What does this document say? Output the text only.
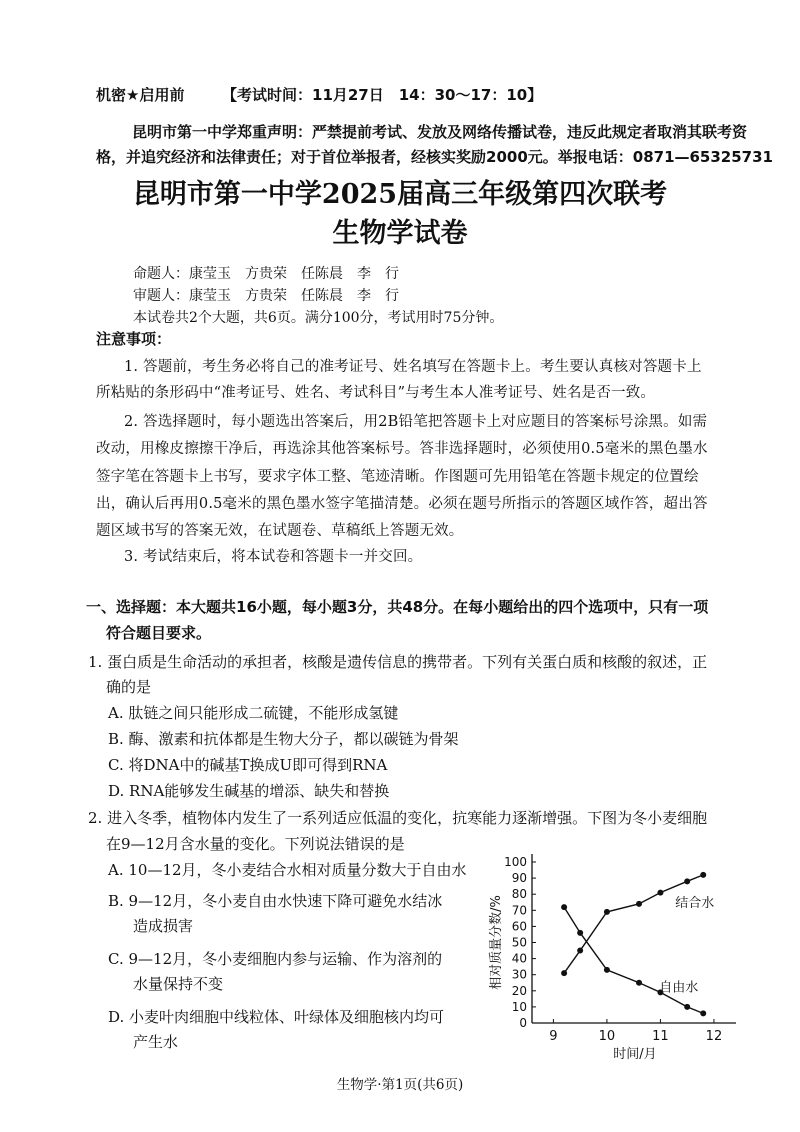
机密★启用前	【考试时间：11月27日　14：30～17：10】
昆明市第一中学郑重声明：严禁提前考试、发放及网络传播试卷，违反此规定者取消其联考资
格，并追究经济和法律责任；对于首位举报者，经核实奖励2000元。举报电话：0871—65325731
昆明市第一中学2025届高三年级第四次联考
生物学试卷
命题人：康莹玉　方贵荣　任陈晨　李　行
审题人：康莹玉　方贵荣　任陈晨　李　行
本试卷共2个大题，共6页。满分100分，考试用时75分钟。
注意事项：
1. 答题前，考生务必将自己的准考证号、姓名填写在答题卡上。考生要认真核对答题卡上
所粘贴的条形码中“准考证号、姓名、考试科目”与考生本人准考证号、姓名是否一致。
2. 答选择题时，每小题选出答案后，用2B铅笔把答题卡上对应题目的答案标号涂黑。如需
改动，用橡皮擦擦干净后，再选涂其他答案标号。答非选择题时，必须使用0.5毫米的黑色墨水
签字笔在答题卡上书写，要求字体工整、笔迹清晰。作图题可先用铅笔在答题卡规定的位置绘
出，确认后再用0.5毫米的黑色墨水签字笔描清楚。必须在题号所指示的答题区域作答，超出答
题区域书写的答案无效，在试题卷、草稿纸上答题无效。
3. 考试结束后，将本试卷和答题卡一并交回。
一、选择题：本大题共16小题，每小题3分，共48分。在每小题给出的四个选项中，只有一项
符合题目要求。
1. 蛋白质是生命活动的承担者，核酸是遗传信息的携带者。下列有关蛋白质和核酸的叙述，正
确的是
A. 肽链之间只能形成二硫键，不能形成氢键
B. 酶、激素和抗体都是生物大分子，都以碳链为骨架
C. 将DNA中的碱基T换成U即可得到RNA
D. RNA能够发生碱基的增添、缺失和替换
2. 进入冬季，植物体内发生了一系列适应低温的变化，抗寒能力逐渐增强。下图为冬小麦细胞
在9—12月含水量的变化。下列说法错误的是
A. 10—12月，冬小麦结合水相对质量分数大于自由水
B. 9—12月，冬小麦自由水快速下降可避免水结冰
造成损害
C. 9—12月，冬小麦细胞内参与运输、作为溶剂的
水量保持不变
D. 小麦叶肉细胞中线粒体、叶绿体及细胞核内均可
产生水
0
10
20
30
40
50
60
70
80
90
100
9	10	11	12
时间/月
相对质量分数/%	结合水
自由水
生物学·第1页(共6页)
